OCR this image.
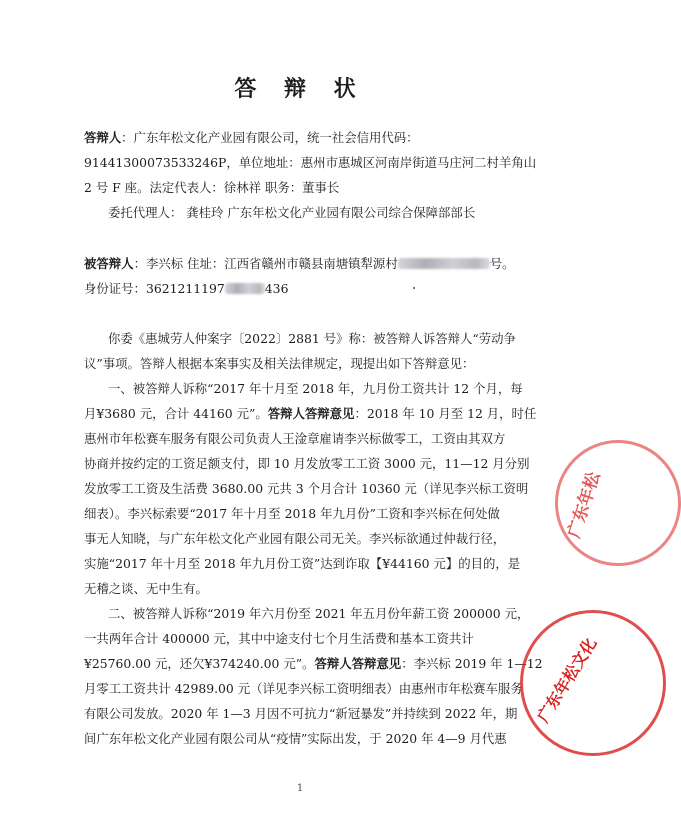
答 辩 状
答辩人：广东年松文化产业园有限公司，统一社会信用代码：
91441300073533246P，单位地址：惠州市惠城区河南岸街道马庄河二村羊角山
2 号 F 座。法定代表人：徐林祥 职务：董事长
委托代理人： 龚桂玲 广东年松文化产业园有限公司综合保障部部长
被答辩人：李兴标 住址：江西省赣州市赣县南塘镇犁源村	号。
身份证号：3621211197	436
你委《惠城劳人仲案字〔2022〕2881 号》称：被答辩人诉答辩人“劳动争
议”事项。答辩人根据本案事实及相关法律规定，现提出如下答辩意见：
一、被答辩人诉称“2017 年十月至 2018 年，九月份工资共计 12 个月，每
月¥3680 元，合计 44160 元”。答辩人答辩意见：2018 年 10 月至 12 月，时任
惠州市年松赛车服务有限公司负责人王淦章雇请李兴标做零工，工资由其双方
协商并按约定的工资足额支付，即 10 月发放零工工资 3000 元，11—12 月分别
发放零工工资及生活费 3680.00 元共 3 个月合计 10360 元（详见李兴标工资明
细表）。李兴标索要“2017 年十月至 2018 年九月份”工资和李兴标在何处做
事无人知晓，与广东年松文化产业园有限公司无关。李兴标欲通过仲裁行径，
实施“2017 年十月至 2018 年九月份工资”达到诈取【¥44160 元】的目的，是
无稽之谈、无中生有。
二、被答辩人诉称“2019 年六月份至 2021 年五月份年薪工资 200000 元，
一共两年合计 400000 元，其中中途支付七个月生活费和基本工资共计
¥25760.00 元，还欠¥374240.00 元”。答辩人答辩意见：李兴标 2019 年 1—12
月零工工资共计 42989.00 元（详见李兴标工资明细表）由惠州市年松赛车服务
有限公司发放。2020 年 1—3 月因不可抗力“新冠暴发”并持续到 2022 年，期
间广东年松文化产业园有限公司从“疫情”实际出发，于 2020 年 4—9 月代惠
1
广东年松
广东年松文化
